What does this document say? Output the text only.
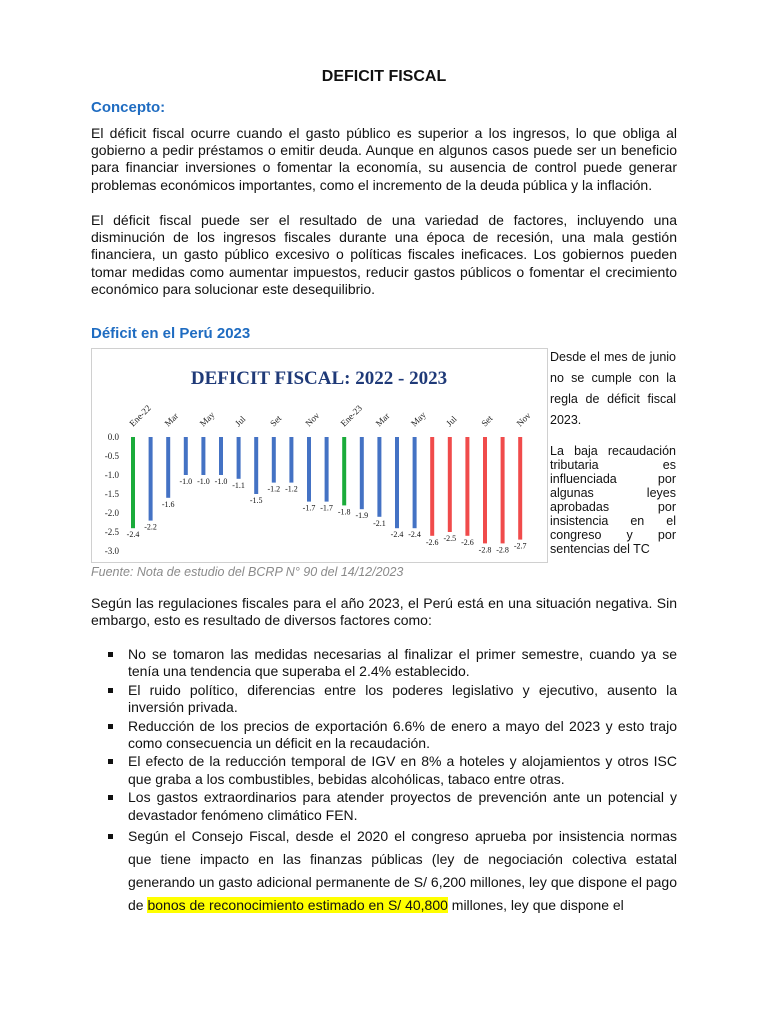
DEFICIT FISCAL
Concepto:

El déficit fiscal ocurre cuando el gasto público es superior a los ingresos, lo que obliga al gobierno a pedir préstamos o emitir deuda. Aunque en algunos casos puede ser un beneficio para financiar inversiones o fomentar la economía, su ausencia de control puede generar problemas económicos importantes, como el incremento de la deuda pública y la inflación.

El déficit fiscal puede ser el resultado de una variedad de factores, incluyendo una disminución de los ingresos fiscales durante una época de recesión, una mala gestión financiera, un gasto público excesivo o políticas fiscales ineficaces. Los gobiernos pueden tomar medidas como aumentar impuestos, reducir gastos públicos o fomentar el crecimiento económico para solucionar este desequilibrio.

Déficit en el Perú 2023
DEFICIT FISCAL: 2022 - 2023
0.0
-0.5
-1.0
-1.5
-2.0
-2.5
-3.0
-2.4
-2.2
-1.6
-1.0 -1.0 -1.0 -1.1
-1.5
-1.2 -1.2
-1.7 -1.7 -1.8 -1.9
-2.1
-2.4 -2.4
-2.6 -2.5 -2.6
-2.8 -2.8 -2.7
Ene-22 Mar May Jul Set Nov Ene-23 Mar May Jul Set Nov

Desde el mes de junio no se cumple con la regla de déficit fiscal 2023.

La baja recaudación tributaria es influenciada por algunas leyes aprobadas por insistencia en el congreso y por sentencias del TC

Fuente: Nota de estudio del BCRP N° 90 del 14/12/2023

Según las regulaciones fiscales para el año 2023, el Perú está en una situación negativa. Sin embargo, esto es resultado de diversos factores como:

No se tomaron las medidas necesarias al finalizar el primer semestre, cuando ya se tenía una tendencia que superaba el 2.4% establecido.
El ruido político, diferencias entre los poderes legislativo y ejecutivo, ausento la inversión privada.
Reducción de los precios de exportación 6.6% de enero a mayo del 2023 y esto trajo como consecuencia un déficit en la recaudación.
El efecto de la reducción temporal de IGV en 8% a hoteles y alojamientos y otros ISC que graba a los combustibles, bebidas alcohólicas, tabaco entre otras.
Los gastos extraordinarios para atender proyectos de prevención ante un potencial y devastador fenómeno climático FEN.
Según el Consejo Fiscal, desde el 2020 el congreso aprueba por insistencia normas que tiene impacto en las finanzas públicas (ley de negociación colectiva estatal generando un gasto adicional permanente de S/ 6,200 millones, ley que dispone el pago de bonos de reconocimiento estimado en S/ 40,800 millones, ley que dispone el
